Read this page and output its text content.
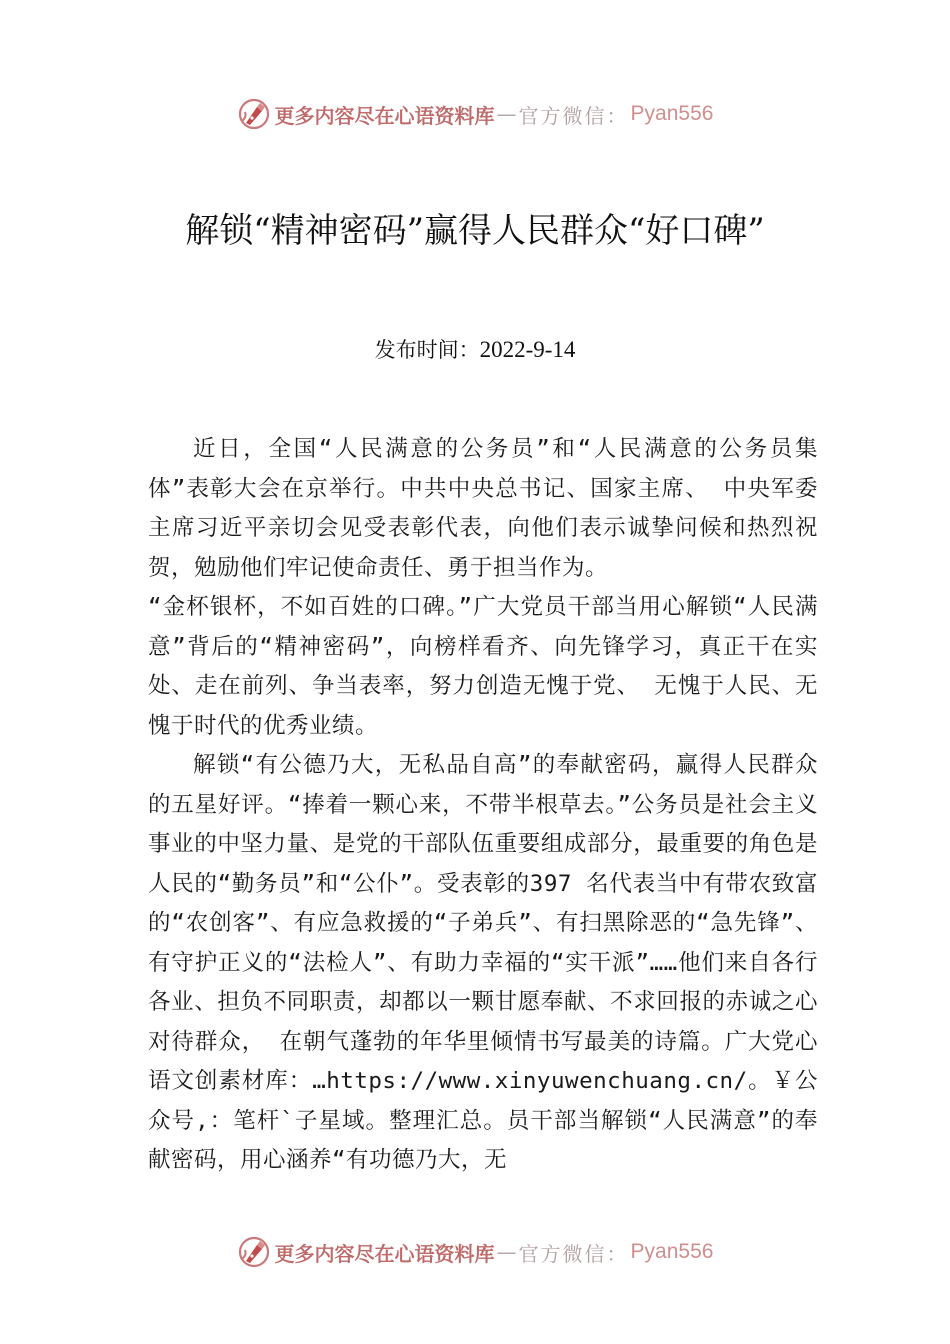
更多内容尽在心语资料库 — 官方微信： Pyan556
解锁“精神密码”赢得人民群众“好口碑”
发布时间：2022-9-14

近日，全国“人民满意的公务员”和“人民满意的公务员集体”表彰大会在京举行。中共中央总书记、国家主席、 中央军委主席习近平亲切会见受表彰代表，向他们表示诚挚问候和热烈祝贺，勉励他们牢记使命责任、勇于担当作为。

“金杯银杯，不如百姓的口碑。”广大党员干部当用心解锁“人民满意”背后的“精神密码”，向榜样看齐、向先锋学习，真正干在实处、走在前列、争当表率，努力创造无愧于党、 无愧于人民、无愧于时代的优秀业绩。

解锁“有公德乃大，无私品自高”的奉献密码，赢得人民群众的五星好评。“捧着一颗心来，不带半根草去。”公务员是社会主义事业的中坚力量、是党的干部队伍重要组成部分，最重要的角色是人民的“勤务员”和“公仆”。受表彰的397 名代表当中有带农致富的“农创客”、有应急救援的“子弟兵”、有扫黑除恶的“急先锋”、有守护正义的“法检人”、有助力幸福的“实干派”……他们来自各行各业、担负不同职责，却都以一颗甘愿奉献、不求回报的赤诚之心对待群众， 在朝气蓬勃的年华里倾情书写最美的诗篇。广大党心语文创素材库：…https://www.xinyuwenchuang.cn/。￥公众号,：笔杆`子星域。整理汇总。员干部当解锁“人民满意”的奉献密码，用心涵养“有功德乃大，无

更多内容尽在心语资料库 — 官方微信： Pyan556
